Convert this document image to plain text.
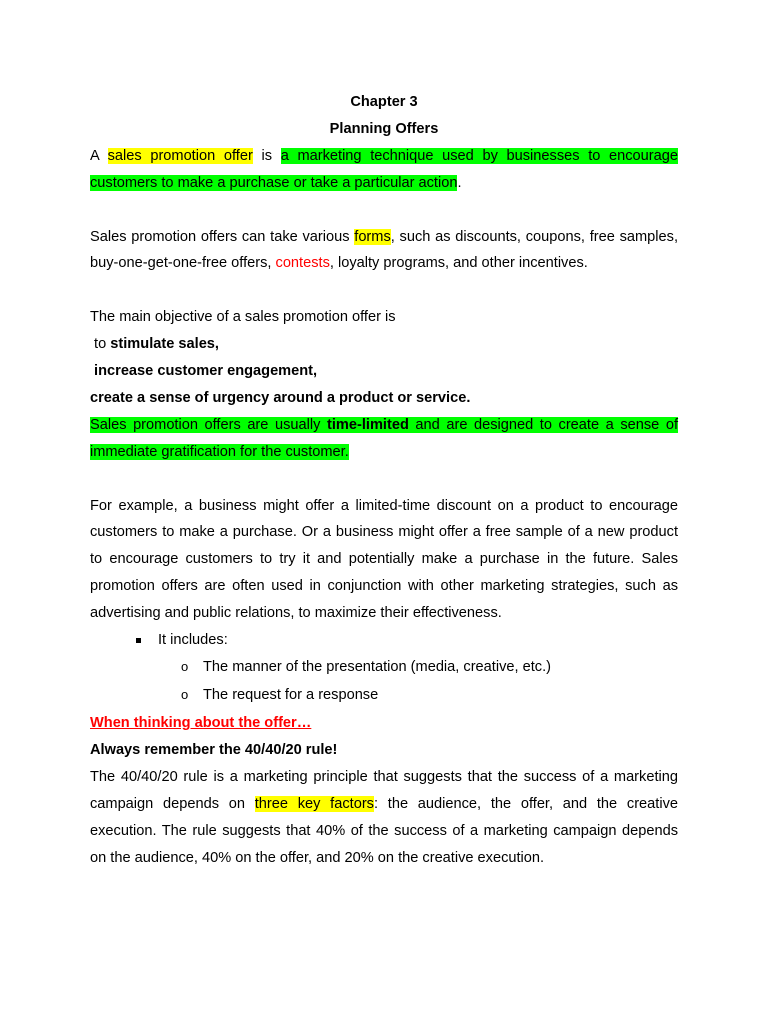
Chapter 3
Planning Offers
A sales promotion offer is a marketing technique used by businesses to encourage customers to make a purchase or take a particular action.
Sales promotion offers can take various forms, such as discounts, coupons, free samples, buy-one-get-one-free offers, contests, loyalty programs, and other incentives.
The main objective of a sales promotion offer is
to stimulate sales,
increase customer engagement,
create a sense of urgency around a product or service.
Sales promotion offers are usually time-limited and are designed to create a sense of immediate gratification for the customer.
For example, a business might offer a limited-time discount on a product to encourage customers to make a purchase. Or a business might offer a free sample of a new product to encourage customers to try it and potentially make a purchase in the future. Sales promotion offers are often used in conjunction with other marketing strategies, such as advertising and public relations, to maximize their effectiveness.
It includes:
o The manner of the presentation (media, creative, etc.)
o The request for a response
When thinking about the offer…
Always remember the 40/40/20 rule!
The 40/40/20 rule is a marketing principle that suggests that the success of a marketing campaign depends on three key factors: the audience, the offer, and the creative execution. The rule suggests that 40% of the success of a marketing campaign depends on the audience, 40% on the offer, and 20% on the creative execution.
